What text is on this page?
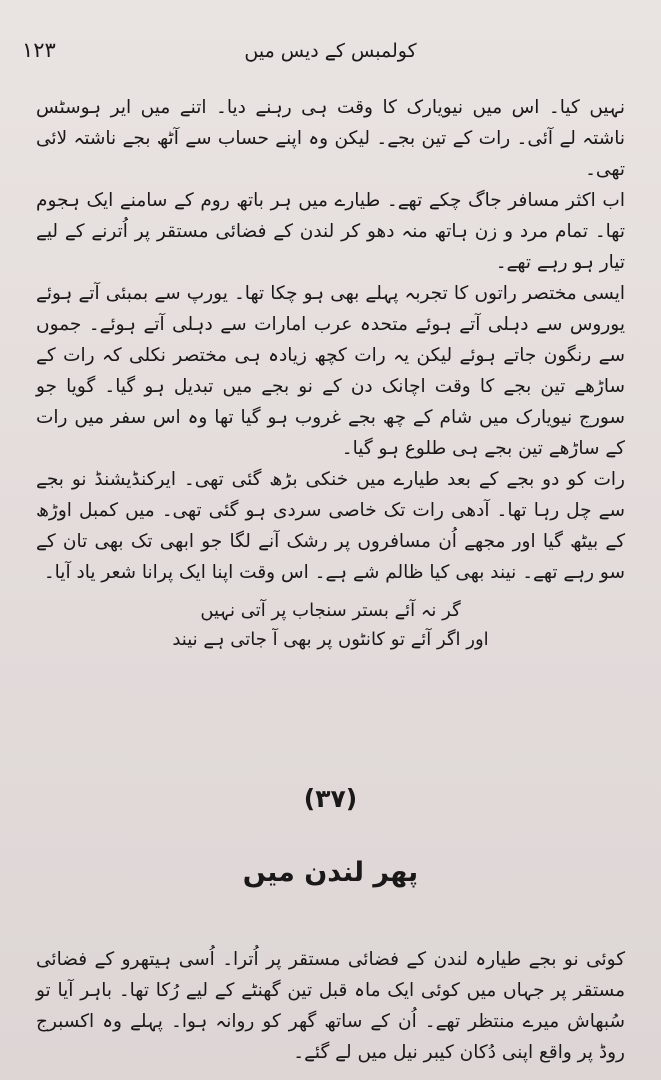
۱۲۳	کولمبس کے دیس میں

نہیں کیا۔ اس میں نیویارک کا وقت ہی رہنے دیا۔ اتنے میں ایر ہوسٹس ناشتہ لے آئی۔ رات کے تین بجے۔ لیکن وہ اپنے حساب سے آٹھ بجے ناشتہ لائی تھی۔

اب اکثر مسافر جاگ چکے تھے۔ طیارے میں ہر باتھ روم کے سامنے ایک ہجوم تھا۔ تمام مرد و زن ہاتھ منہ دھو کر لندن کے فضائی مستقر پر اُترنے کے لیے تیار ہو رہے تھے۔

ایسی مختصر راتوں کا تجربہ پہلے بھی ہو چکا تھا۔ یورپ سے بمبئی آتے ہوئے یوروس سے دہلی آتے ہوئے متحدہ عرب امارات سے دہلی آتے ہوئے۔ جموں سے رنگون جاتے ہوئے لیکن یہ رات کچھ زیادہ ہی مختصر نکلی کہ رات کے ساڑھے تین بجے کا وقت اچانک دن کے نو بجے میں تبدیل ہو گیا۔ گویا جو سورج نیویارک میں شام کے چھ بجے غروب ہو گیا تھا وہ اس سفر میں رات کے ساڑھے تین بجے ہی طلوع ہو گیا۔

رات کو دو بجے کے بعد طیارے میں خنکی بڑھ گئی تھی۔ ایرکنڈیشنڈ نو بجے سے چل رہا تھا۔ آدھی رات تک خاصی سردی ہو گئی تھی۔ میں کمبل اوڑھ کے بیٹھ گیا اور مجھے اُن مسافروں پر رشک آنے لگا جو ابھی تک بھی تان کے سو رہے تھے۔ نیند بھی کیا ظالم شے ہے۔ اس وقت اپنا ایک پرانا شعر یاد آیا۔

گر نہ آئے بستر سنجاب پر آتی نہیں
اور اگر آئے تو کانٹوں پر بھی آ جاتی ہے نیند
(۳۷)
پھر لندن میں

کوئی نو بجے طیارہ لندن کے فضائی مستقر پر اُترا۔ اُسی ہیتھرو کے فضائی مستقر پر جہاں میں کوئی ایک ماہ قبل تین گھنٹے کے لیے رُکا تھا۔ باہر آیا تو سُبھاش میرے منتظر تھے۔ اُن کے ساتھ گھر کو روانہ ہوا۔ پہلے وہ اکسبرج روڈ پر واقع اپنی دُکان کیبر نیل میں لے گئے۔
